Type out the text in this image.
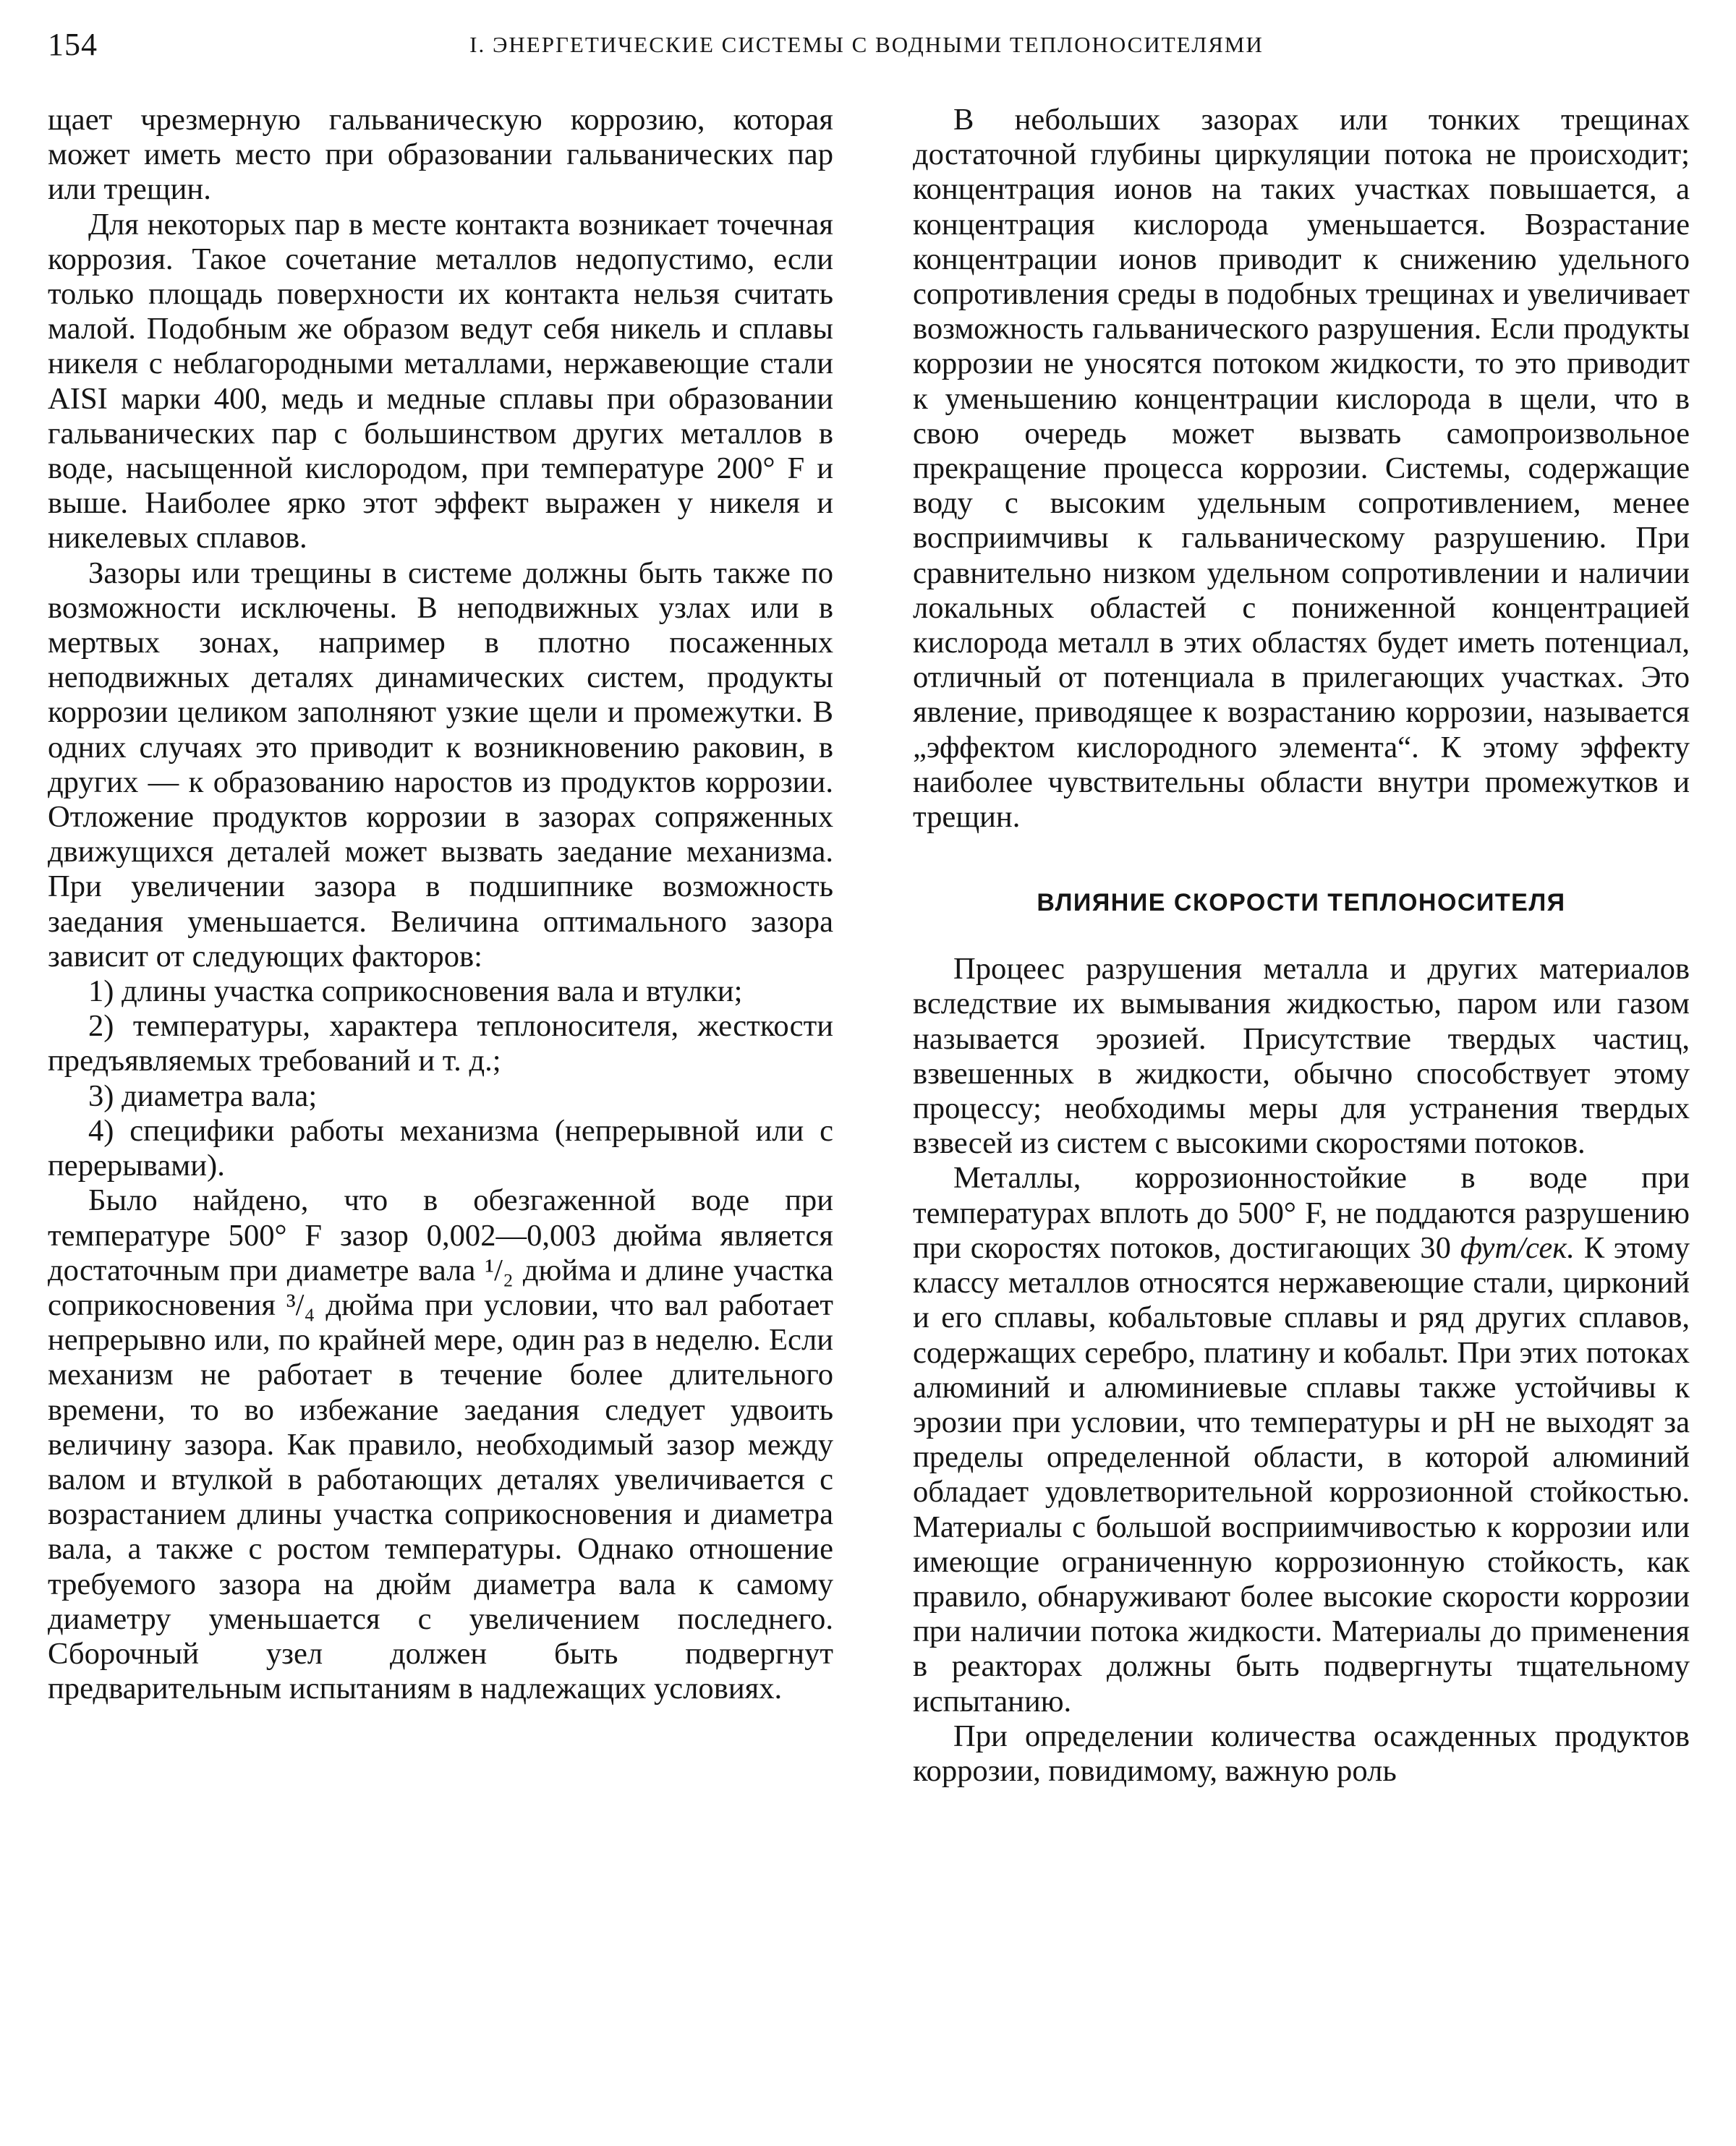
154	I. ЭНЕРГЕТИЧЕСКИЕ СИСТЕМЫ С ВОДНЫМИ ТЕПЛОНОСИТЕЛЯМИ

щает чрезмерную гальваническую коррозию, которая может иметь место при образовании гальванических пар или трещин.

Для некоторых пар в месте контакта возникает точечная коррозия. Такое сочетание металлов недопустимо, если только площадь поверхности их контакта нельзя считать малой. Подобным же образом ведут себя никель и сплавы никеля с неблагородными металлами, нержавеющие стали AISI марки 400, медь и медные сплавы при образовании гальванических пар с большинством других металлов в воде, насыщенной кислородом, при температуре 200° F и выше. Наиболее ярко этот эффект выражен у никеля и никелевых сплавов.

Зазоры или трещины в системе должны быть также по возможности исключены. В неподвижных узлах или в мертвых зонах, например в плотно посаженных неподвижных деталях динамических систем, продукты коррозии целиком заполняют узкие щели и промежутки. В одних случаях это приводит к возникновению раковин, в других — к образованию наростов из продуктов коррозии. Отложение продуктов коррозии в зазорах сопряженных движущихся деталей может вызвать заедание механизма. При увеличении зазора в подшипнике возможность заедания уменьшается. Величина оптимального зазора зависит от следующих факторов:

1) длины участка соприкосновения вала и втулки;

2) температуры, характера теплоносителя, жесткости предъявляемых требований и т. д.;

3) диаметра вала;

4) специфики работы механизма (непрерывной или с перерывами).

Было найдено, что в обезгаженной воде при температуре 500° F зазор 0,002—0,003 дюйма является достаточным при диаметре вала ¹/₂ дюйма и длине участка соприкосновения ³/₄ дюйма при условии, что вал работает непрерывно или, по крайней мере, один раз в неделю. Если механизм не работает в течение более длительного времени, то во избежание заедания следует удвоить величину зазора. Как правило, необходимый зазор между валом и втулкой в работающих деталях увеличивается с возрастанием длины участка соприкосновения и диаметра вала, а также с ростом температуры. Однако отношение требуемого зазора на дюйм диаметра вала к самому диаметру уменьшается с увеличением последнего. Сборочный узел должен быть подвергнут предварительным испытаниям в надлежащих условиях.

В небольших зазорах или тонких трещинах достаточной глубины циркуляции потока не происходит; концентрация ионов на таких участках повышается, а концентрация кислорода уменьшается. Возрастание концентрации ионов приводит к снижению удельного сопротивления среды в подобных трещинах и увеличивает возможность гальванического разрушения. Если продукты коррозии не уносятся потоком жидкости, то это приводит к уменьшению концентрации кислорода в щели, что в свою очередь может вызвать самопроизвольное прекращение процесса коррозии. Системы, содержащие воду с высоким удельным сопротивлением, менее восприимчивы к гальваническому разрушению. При сравнительно низком удельном сопротивлении и наличии локальных областей с пониженной концентрацией кислорода металл в этих областях будет иметь потенциал, отличный от потенциала в прилегающих участках. Это явление, приводящее к возрастанию коррозии, называется „эффектом кислородного элемента“. К этому эффекту наиболее чувствительны области внутри промежутков и трещин.

ВЛИЯНИЕ СКОРОСТИ ТЕПЛОНОСИТЕЛЯ

Процеес разрушения металла и других материалов вследствие их вымывания жидкостью, паром или газом называется эрозией. Присутствие твердых частиц, взвешенных в жидкости, обычно способствует этому процессу; необходимы меры для устранения твердых взвесей из систем с высокими скоростями потоков.

Металлы, коррозионностойкие в воде при температурах вплоть до 500° F, не поддаются разрушению при скоростях потоков, достигающих 30 фут/сек. К этому классу металлов относятся нержавеющие стали, цирконий и его сплавы, кобальтовые сплавы и ряд других сплавов, содержащих серебро, платину и кобальт. При этих потоках алюминий и алюминиевые сплавы также устойчивы к эрозии при условии, что температуры и pH не выходят за пределы определенной области, в которой алюминий обладает удовлетворительной коррозионной стойкостью. Материалы с большой восприимчивостью к коррозии или имеющие ограниченную коррозионную стойкость, как правило, обнаруживают более высокие скорости коррозии при наличии потока жидкости. Материалы до применения в реакторах должны быть подвергнуты тщательному испытанию.

При определении количества осажденных продуктов коррозии, повидимому, важную роль
